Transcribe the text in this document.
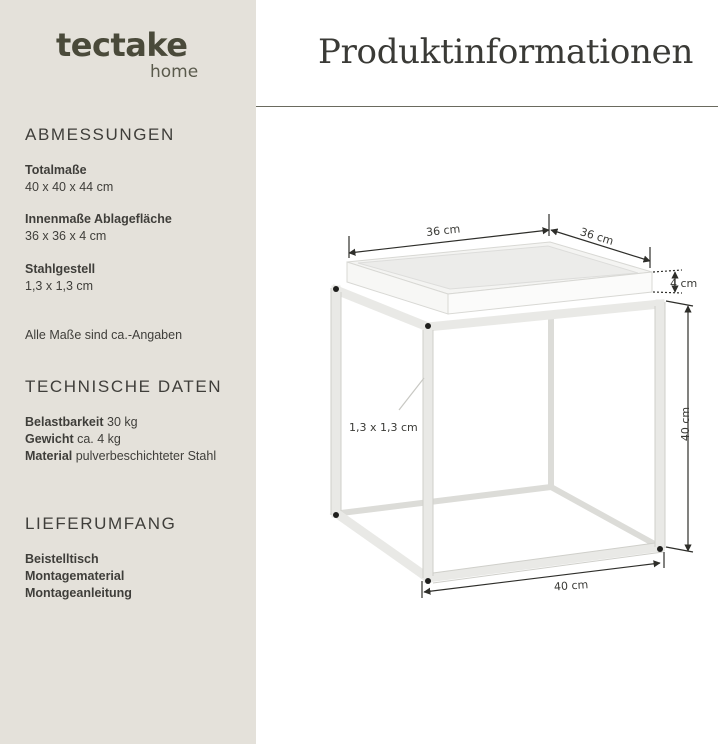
tectake
home
ABMESSUNGEN
Totalmaße
40 x 40 x 44 cm
Innenmaße Ablagefläche
36 x 36 x 4 cm
Stahlgestell
1,3 x 1,3 cm
Alle Maße sind ca.-Angaben
TECHNISCHE DATEN
Belastbarkeit 30 kg
Gewicht ca. 4 kg
Material pulverbeschichteter Stahl
LIEFERUMFANG
Beistelltisch
Montagematerial
Montageanleitung
Produktinformationen
36 cm	36 cm
4 cm
1,3 x 1,3 cm	40 cm
40 cm
